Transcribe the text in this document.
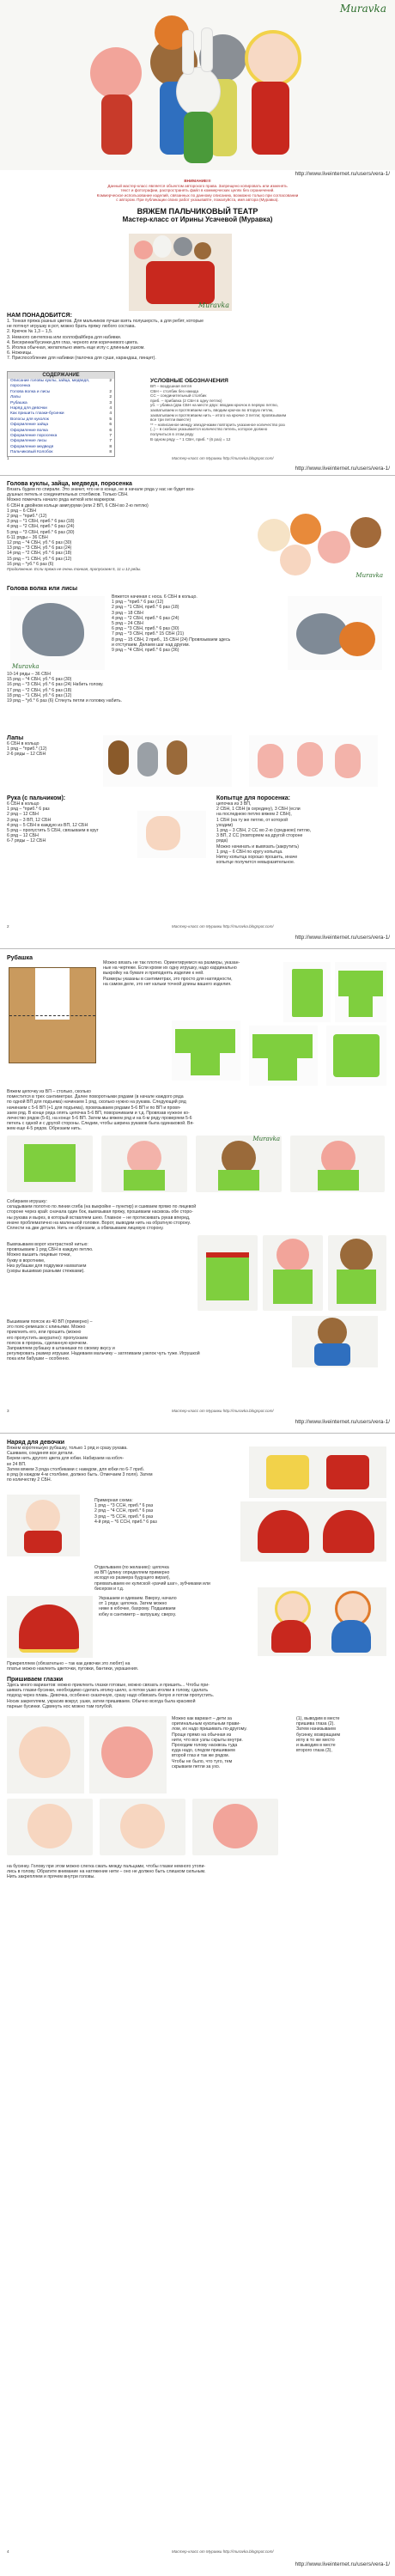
Muravka
http://www.liveinternet.ru/users/vera-1/
ВНИМАНИЕ!!!
Данный мастер-класс является объектом авторского права. Запрещено копировать или изменять
текст и фотографии, распространять файл в коммерческих целях без ограничений.
Коммерческое использование изделий, связанных по данному описанию, возможно только при согласовании
с автором. При публикации своих работ указывайте, пожалуйста, имя автора (Муравка).
ВЯЖЕМ ПАЛЬЧИКОВЫЙ ТЕАТР
Мастер-класс от Ирины Усачевой (Муравка)
Muravka
НАМ ПОНАДОБИТСЯ:
1. Тонкая пряжа разных цветов. Для мальчиков лучше взять полушерсть, а для ребят, которые
не потянут игрушку в рот, можно брать пряжу любого состава.
2. Крючок № 1,3 – 1,5.
3. Немного синтепона или холлофайбера для набивки.
4. Бисеринки/бусинки для глаз, черного или коричневого цвета.
5. Иголка обычная, желательно иметь еще иглу с длинным ушком.
6. Ножницы.
7. Приспособление для набивки (палочка для суши, карандаш, пинцет).
СОДЕРЖАНИЕ
Описание головы куклы, зайца, медведя, поросенка
2
Голова волка и лисы	2
Лапы	2
Рубашка	3
Наряд для девочки	4
Как пришить глазки-бусинки	4
Волосы для куколок	5
Оформление зайца	6
Оформление волка	6
Оформление поросенка	7
Оформление лисы	7
Оформление медведя	8
Пальчиковый Колобок	8
УСЛОВНЫЕ ОБОЗНАЧЕНИЯ
ВП – воздушная петля
СБН – столбик без накида
СС – соединительный столбик
приб. – прибавка (2 СБН в одну петлю)
уб. – убавка (два СБН на месте двух: вводим крючок в первую петлю, захватываем и протягиваем нить, вводим крючок во вторую петлю, захватываем и протягиваем нить – итого на крючке 3 петли; провязываем все три петли вместе)
** – написанное между звездочками повторить указанное количество раз
(..) – в скобках указывается количество петель, которое должно получиться в этом ряду
В одном ряду – * 1 СБН, приб. * (6 раз) = 12
1	Мастер-класс от Муравки http://muravka.blogspot.com/
http://www.liveinternet.ru/users/vera-1/
Голова куклы, зайца, медведя, поросенка
Вязать будем по спирали. Это значит, что не в конце, не в начале ряда у нас не будет воз-
душных петель и соединительных столбиков. Только СБН.
Можно помечать начало ряда ниткой или маркером.
6 СБН в двойном кольце амигуруми (или 2 ВП, 6 СБН во 2-ю петлю)
1 ряд – 6 СБН
2 ряд – *приб.* (12)
3 ряд – *1 СБН, приб.* 6 раз (18)
4 ряд – *2 СБН, приб.* 6 раз (24)
5 ряд – *3 СБН, приб.* 6 раз (30)
6-11 ряды – 36 СБН
12 ряд – *4 СБН, уб.* 6 раз (30)
13 ряд – *3 СБН, уб.* 6 раз (24)
14 ряд – *2 СБН, уб.* 6 раз (18)
15 ряд – *1 СБН, уб.* 6 раз (12)
16 ряд – *уб.* 6 раз (6)
Продолжение. Если пряжа не очень тонкая, пропускаем 5, 11 и 12 ряды.
Muravka
Голова волка или лисы
Muravka
Вяжется начиная с носа. 6 СБН в кольцо.
1 ряд – *приб.* 6 раз (12)
2 ряд – *1 СБН, приб.* 6 раз (18)
3 ряд – 18 СБН
4 ряд – *2 СБН, приб.* 6 раз (24)
5 ряд – 24 СБН
6 ряд – *3 СБН, приб.* 6 раз (30)
7 ряд – *3 СБН, приб.* 15 СБН (21)
8 ряд – 15 СБН, 2 приб., 15 СБН (24) Провязываем здесь
и отступаем. Делаем шаг над другим.
9 ряд – *4 СБН, приб.* 6 раз (36)
10-14 ряды – 36 СБН
15 ряд – *4 СБН, уб.* 6 раз (30)
16 ряд – *3 СБН, уб.* 6 раз (24) Набить голову.
17 ряд – *2 СБН, уб.* 6 раз (18)
18 ряд – *1 СБН, уб.* 6 раз (12)
19 ряд – *уб.* 6 раз (6) Стянуть петли и головку набить.
Лапы
6 СБН в кольцо
1 ряд – *приб.* (12)
2-6 ряды – 12 СБН
Рука (с пальчиком):
6 СБН в кольцо
1 ряд – *приб.* 6 раз
2 ряд – 12 СБН
3 ряд – 3 ВП, 12 СБН
4 ряд – 5 СБН в каждую из ВП, 12 СБН
5 ряд – пропустить 5 СБН, связываем в круг
6 ряд – 12 СБН
6-7 ряды – 12 СБН
Копытце для поросенка:
цепочка из 3 ВП,
2 СБН, 1 СБН (в середину), 3 СБН (если
на последнюю петлю вяжем 2 СБН),
1 СБН (на ту же петлю, от которой
уходим)
1 ряд – 3 СБН, 2 СС во 2-ю (среднюю) петлю,
3 ВП, 2 СС (повторяем на другой стороне
ряда)
Можно начинать и вывязать (закрутить)
1 ряд – 6 СБН по кругу копытца.
Нитку копытца хорошо прошить, иначе
копытце получится невыразительное.
2	Мастер-класс от Муравки http://muravka.blogspot.com/
http://www.liveinternet.ru/users/vera-1/
Рубашка
Можно вязать не так плотно. Ориентируемся на размеры, указан-
ные на чертеже. Если кроме их одну игрушку, надо кардинально
выкройку на бумаге и приподнять изделие к ней.
Размеры указаны в сантиметрах, это просто для наглядности,
на самом деле, это нет кальки точной длины вашего изделия.
Вяжем цепочку из ВП – столько, сколько
поместится в трех сантиметрах. Далее поворотными рядами (в начале каждого ряда
по одной ВП для подъема) начинаем 1 ряд, сколько нужно на рукава. Следующий ряд
начинаем с 5-6 ВП (+1 для подъема), провязываем рядами 5-6 ВП и по ВП и провя-
заем ряд. В конце ряда опять цепочка 5-6 ВП, поворачиваем и т.д. Провязав нужное ко-
личество рядов (5-6), на конце 5-6 ВП. Затем мы вяжем ряд и на 6-м ряду проверяем 5-6
петель с одной и с другой стороны. Следим, чтобы ширина рукавов была одинаковой. Вя-
жем еще 4-5 рядов. Обрезаем нить.
Muravka
Собираем игрушку:
складываем полотно по линии сгиба (на выкройке – пунктир) и сшиваем прямо по лицевой
стороне через край: сначала один бок, вывязывая пряжу, прошиваем насквозь обе сторо-
ны рукава и вырез, в который вставляем шею. Главное – не протискивать рукав вперед,
иначе проблематично на маленькой головке. Ворот, выводим нить на обратную сторону.
Сплести на две детали. Нить не обрезаем, а обвязываем лицевую сторону.
Вывязываем ворот контрастной нитью:
провязываем 1 ряд СБН в каждую петлю.
Можно вышить лицевые точки,
букву в воротнике,
Низ рубашки для подружки нахватаем
(узоры вышиваю разными стежками).
Вышиваем поясок из 40 ВП (примерно) –
это пояс-ремешок с клиньями. Можно
приклеить его, или прошить (можно
его пропустить аккуратно): пропускаем
поясок в прорезь, сделанную крючком.
Заправляем рубашку в штанишки по своему вкусу и
регулировать размер игрушки. Надеваем мальчику – затягиваем узелок чуть туже. Игрушкой
пока или бабушки – особенно.
3	Мастер-класс от Муравки http://muravka.blogspot.com/
http://www.liveinternet.ru/users/vera-1/
Наряд для девочки
Вяжем коротенькую рубашку, только 1 ряд и сразу рукава.
Сшиваем, соединяя все детали.
Берем нить другого цвета для юбки. Набираем на юбоч-
ке 24 ВП.
Затем вяжем 3 ряда столбиками с накидом, для юбки по 6-7 приб.
в ряд (в каждом 4-м столбике, должно быть. Отмечаем 3 поля). Затем
по количеству 2 СБН.
Примерная схема:
1 ряд – *3 ССН, приб.* 6 раз
2 ряд – *4 ССН, приб.* 6 раз
3 ряд – *5 ССН, приб.* 6 раз
4-й ряд – *6 ССН, приб.* 6 раз
Отделываем (по желанию): цепочка
из ВП (длину определяем примерно
исходя из размера будущего вирая),
прихватываем ее кулиской «рачий шаг», зубчиками или
бисером и т.д.
Украшаем и одеваем. Вверху, начало
от 1 ряда: цепочка. Затем можно
ниже в юбочке, бахрому. Подшиваем
юбку в сантиметр – ватрушку, сверху.
Прикрепляем (обязательно – так как девочки это любят) на
платье можно наклеить цветочки, пуговки, бантики, украшения.
Пришиваем глазки
Здесь много вариантов: можно приклеить глазки готовые, можно связать и пришить... Чтобы при-
шивать глазки-бусинки, необходимо сделать иголку-шило, а потом ушко иголки в голову, сделать
подход через плавь. Девочка, особенно сказочную, сразу надо обвязать белую и потом пропустить.
Носик закрепляем, украсив вокруг, ушки, затем пришиваем. Обычно всегда была красивой
парные бусинки. Сдвинуть нос можно там голубой.
Можно как вариант – дети за
оригинальным кукольным прави-
лом, их надо пришивать по-другому.
Проще прямо на обычная из
нити, что все узлы скрыты внутри.
Проходим голову насквозь туда
куда надо, следом пришиваем
второй глаз и так же рядом.
Чтобы не было, что туго, тем
скрываем петли за ухо.
(1), выводим в месте
пришива глаза (2).
Затем нанизываем
бусинку, возвращаем
иглу в то же место
и выводим в месте
второго глаза (3),
на бусинку. Голову при этом можно слегка сжать между пальцами, чтобы глазки немного утопи-
лись в голову. Обратите внимание на натяжение нити – оно не должно быть слишком сильным.
Нить закрепляем и прячем внутри головы.
4	Мастер-класс от Муравки http://muravka.blogspot.com/
http://www.liveinternet.ru/users/vera-1/
